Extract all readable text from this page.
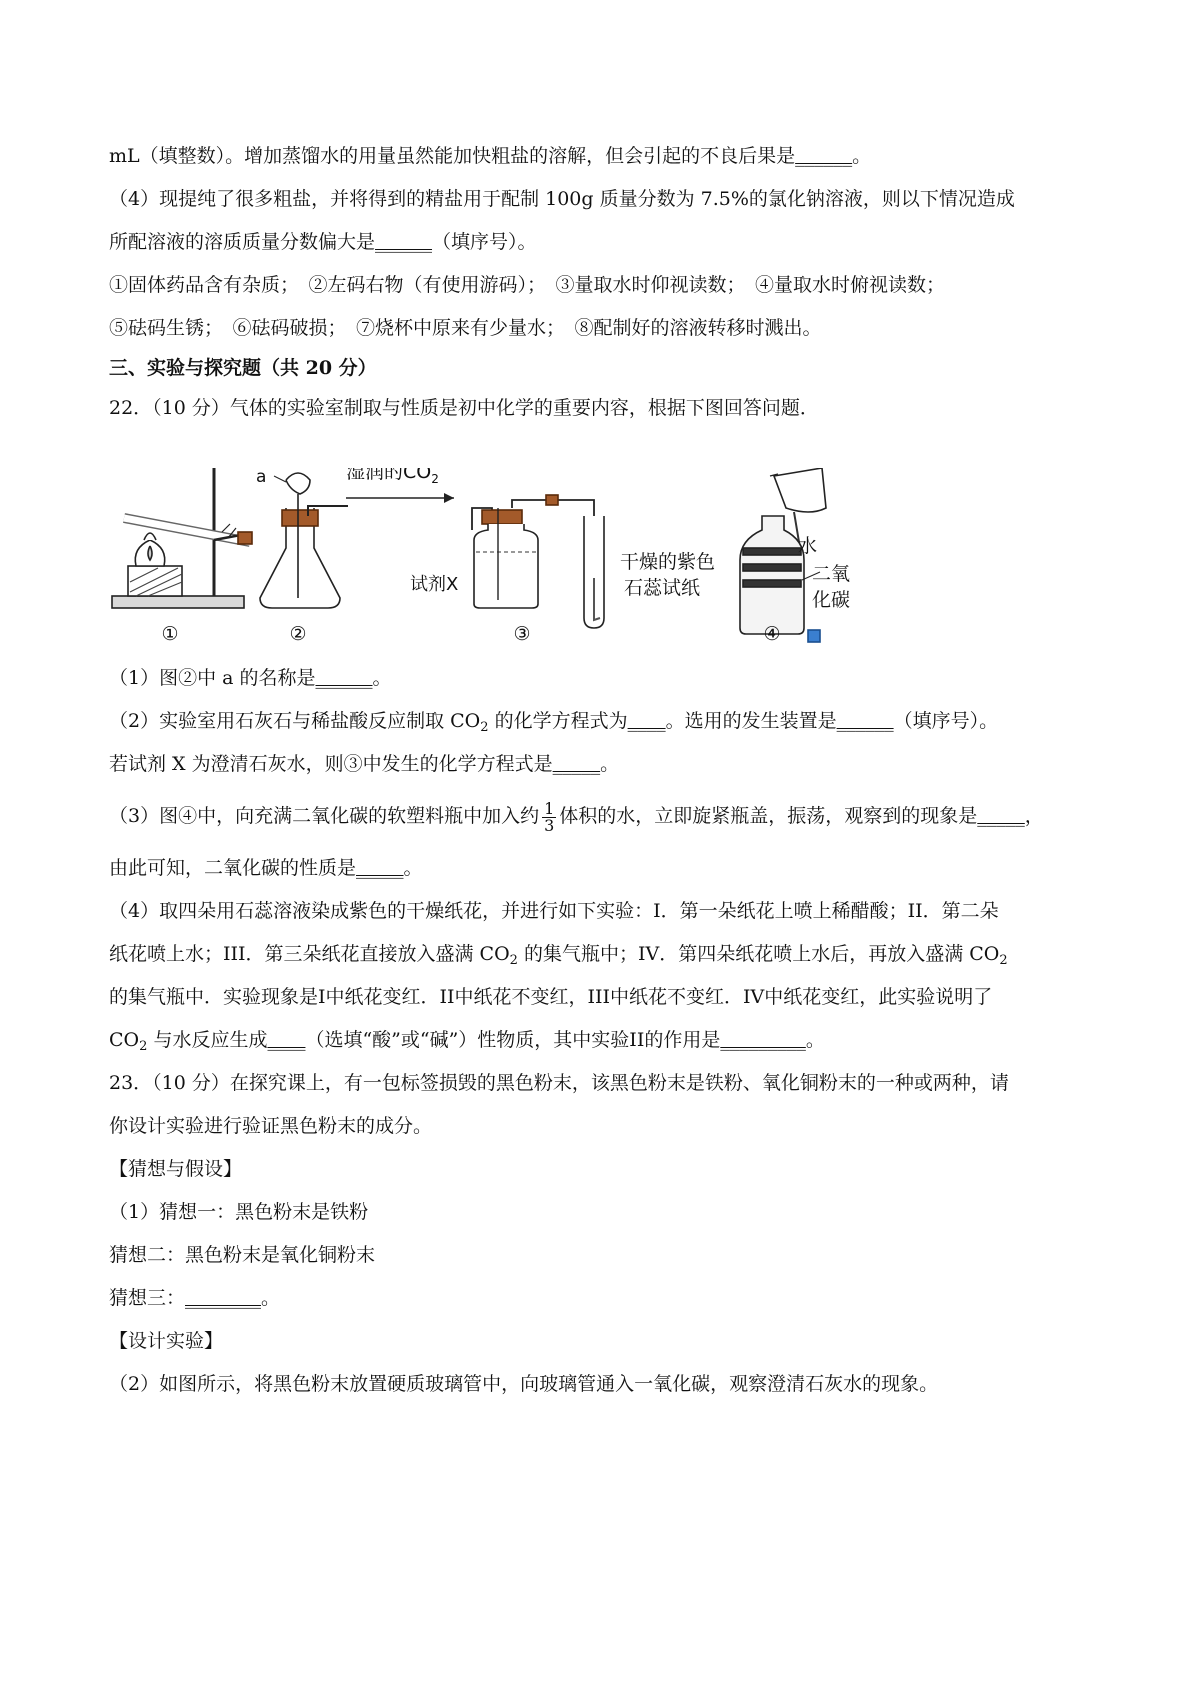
mL（填整数）。增加蒸馏水的用量虽然能加快粗盐的溶解，但会引起的不良后果是______。
（4）现提纯了很多粗盐，并将得到的精盐用于配制 100g 质量分数为 7.5%的氯化钠溶液，则以下情况造成
所配溶液的溶质质量分数偏大是______（填序号）。
①固体药品含有杂质；　②左码右物（有使用游码）；　③量取水时仰视读数；　④量取水时俯视读数；
⑤砝码生锈；　⑥砝码破损；　⑦烧杯中原来有少量水；　⑧配制好的溶液转移时溅出。
三、实验与探究题（共 20 分）
22．（10 分）气体的实验室制取与性质是初中化学的重要内容，根据下图回答问题．
①
a
②
湿润的$CO_2$
试剂X
干燥的紫色
石蕊试纸
③
水
二氧
化碳
④
（1）图②中 a 的名称是______。
（2）实验室用石灰石与稀盐酸反应制取 $CO_2$ 的化学方程式为____。选用的发生装置是______（填序号）。
若试剂 X 为澄清石灰水，则③中发生的化学方程式是_____。
（3）图④中，向充满二氧化碳的软塑料瓶中加入约 $\frac{1}{3}$ 体积的水，立即旋紧瓶盖，振荡，观察到的现象是_____，
由此可知，二氧化碳的性质是_____。
（4）取四朵用石蕊溶液染成紫色的干燥纸花，并进行如下实验：I．第一朵纸花上喷上稀醋酸；II．第二朵
纸花喷上水；III．第三朵纸花直接放入盛满 $CO_2$ 的集气瓶中；IV．第四朵纸花喷上水后，再放入盛满 $CO_2$
的集气瓶中．实验现象是I中纸花变红．II中纸花不变红，III中纸花不变红．IV中纸花变红，此实验说明了
$CO_2$ 与水反应生成____（选填“酸”或“碱”）性物质，其中实验II的作用是_________。
23．（10 分）在探究课上，有一包标签损毁的黑色粉末，该黑色粉末是铁粉、氧化铜粉末的一种或两种，请
你设计实验进行验证黑色粉末的成分。
【猜想与假设】
（1）猜想一：黑色粉末是铁粉
猜想二：黑色粉末是氧化铜粉末
猜想三：________。
【设计实验】
（2）如图所示，将黑色粉末放置硬质玻璃管中，向玻璃管通入一氧化碳，观察澄清石灰水的现象。
